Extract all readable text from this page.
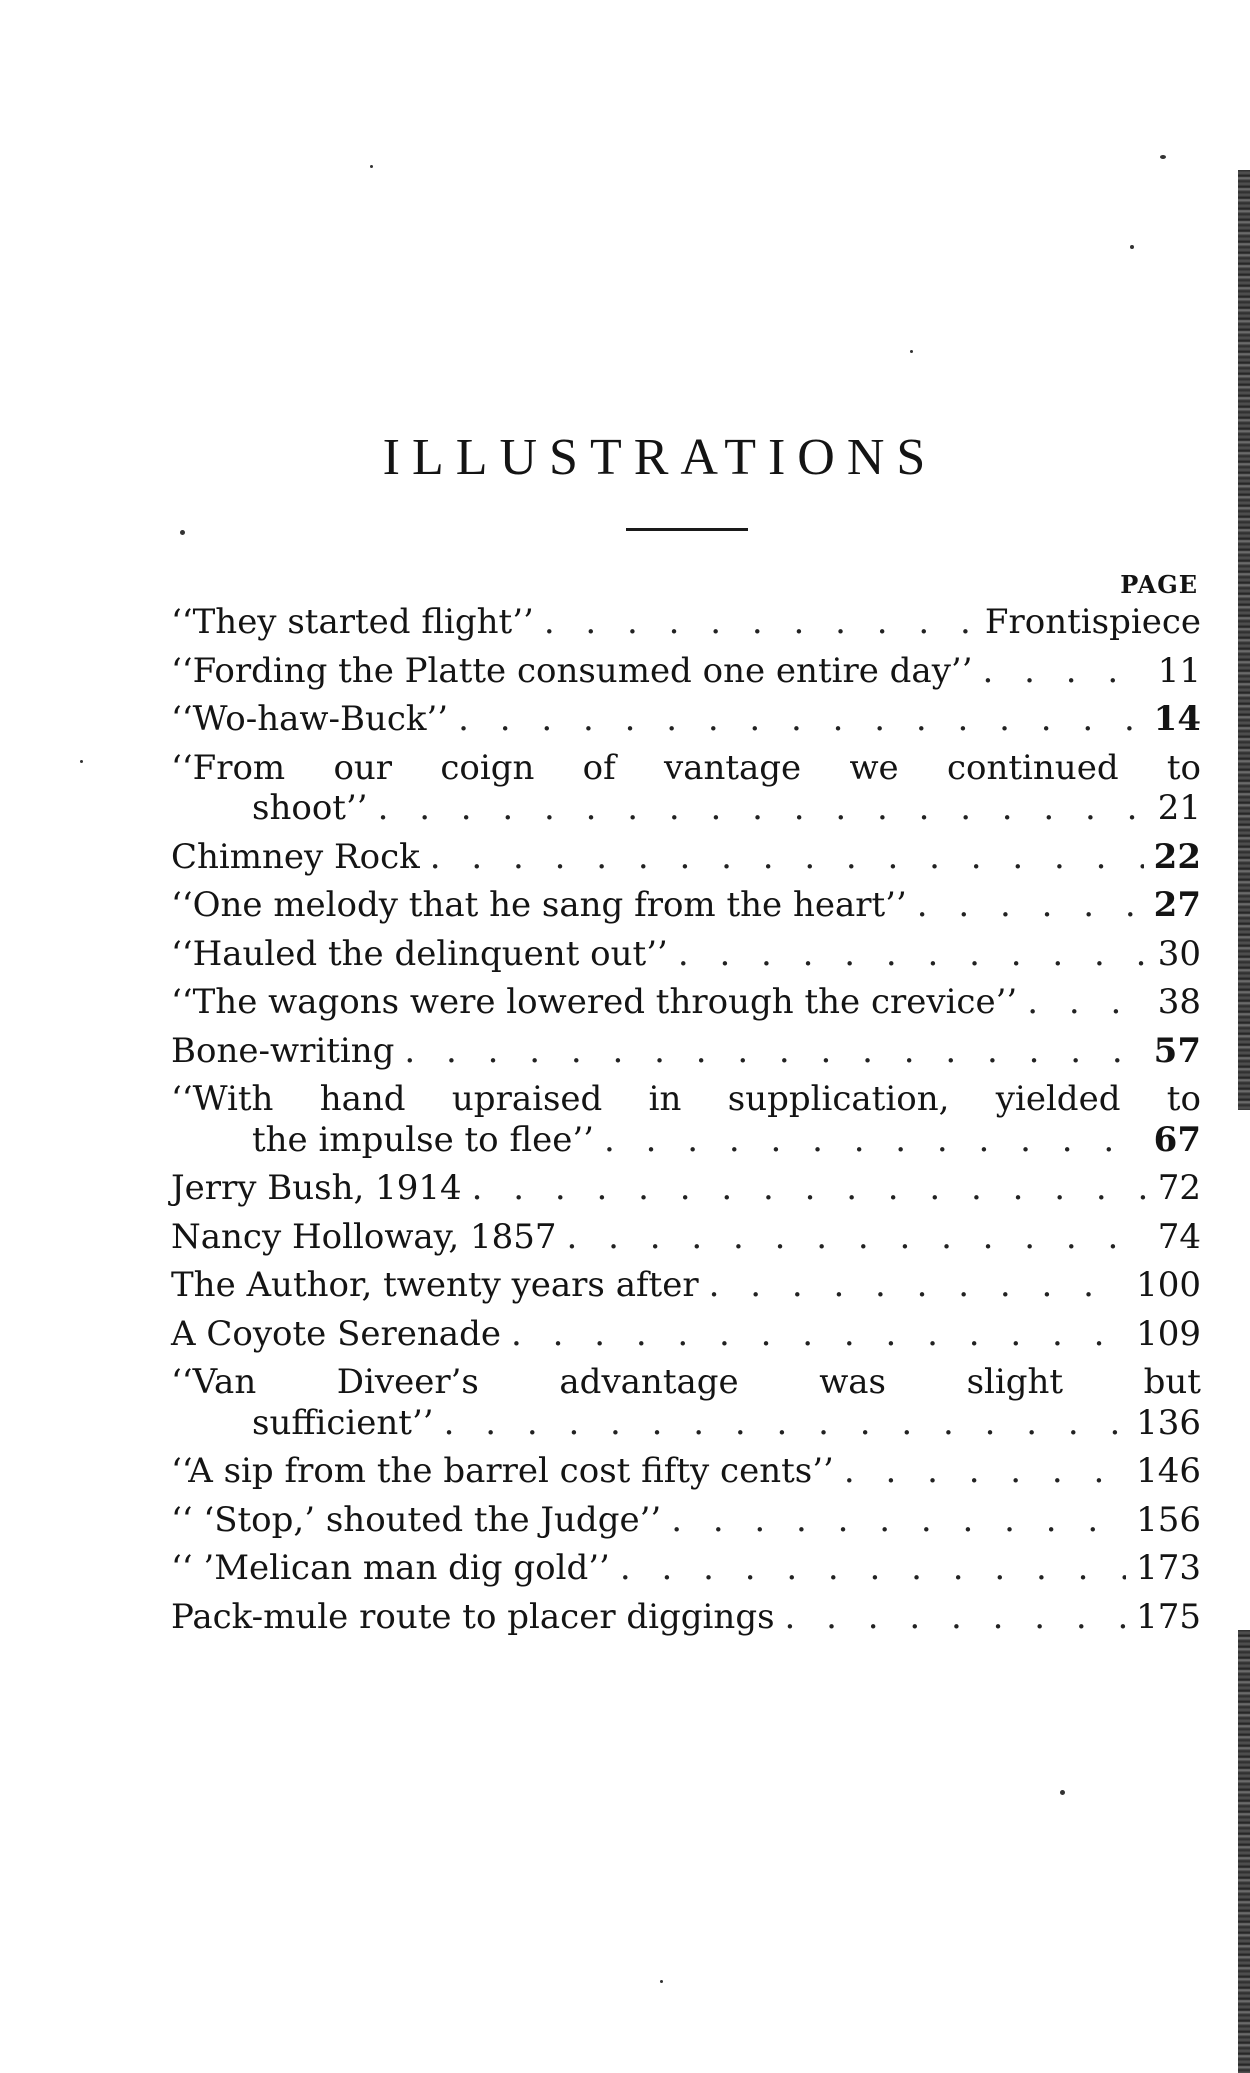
ILLUSTRATIONS
PAGE
‘‘They started flight’’ . . .	Frontispiece
‘‘Fording the Platte consumed one entire day’’ . . .	11
‘‘Wo-haw-Buck’’ . . .	14
‘‘From our coign of vantage we continued to
shoot’’ . . .	21
Chimney Rock . . .	22
‘‘One melody that he sang from the heart’’ . . .	27
‘‘Hauled the delinquent out’’ . . .	30
‘‘The wagons were lowered through the crevice’’ . . .	38
Bone-writing . . .	57
‘‘With hand upraised in supplication, yielded to
the impulse to flee’’ . . .	67
Jerry Bush, 1914 . . .	72
Nancy Holloway, 1857 . . .	74
The Author, twenty years after . . .	100
A Coyote Serenade . . .	109
‘‘Van Diveer’s advantage was slight but
sufficient’’ . . .	136
‘‘A sip from the barrel cost fifty cents’’ . . .	146
‘‘ ‘Stop,’ shouted the Judge’’ . . .	156
‘‘ ’Melican man dig gold’’ . . .	173
Pack-mule route to placer diggings . . .	175
